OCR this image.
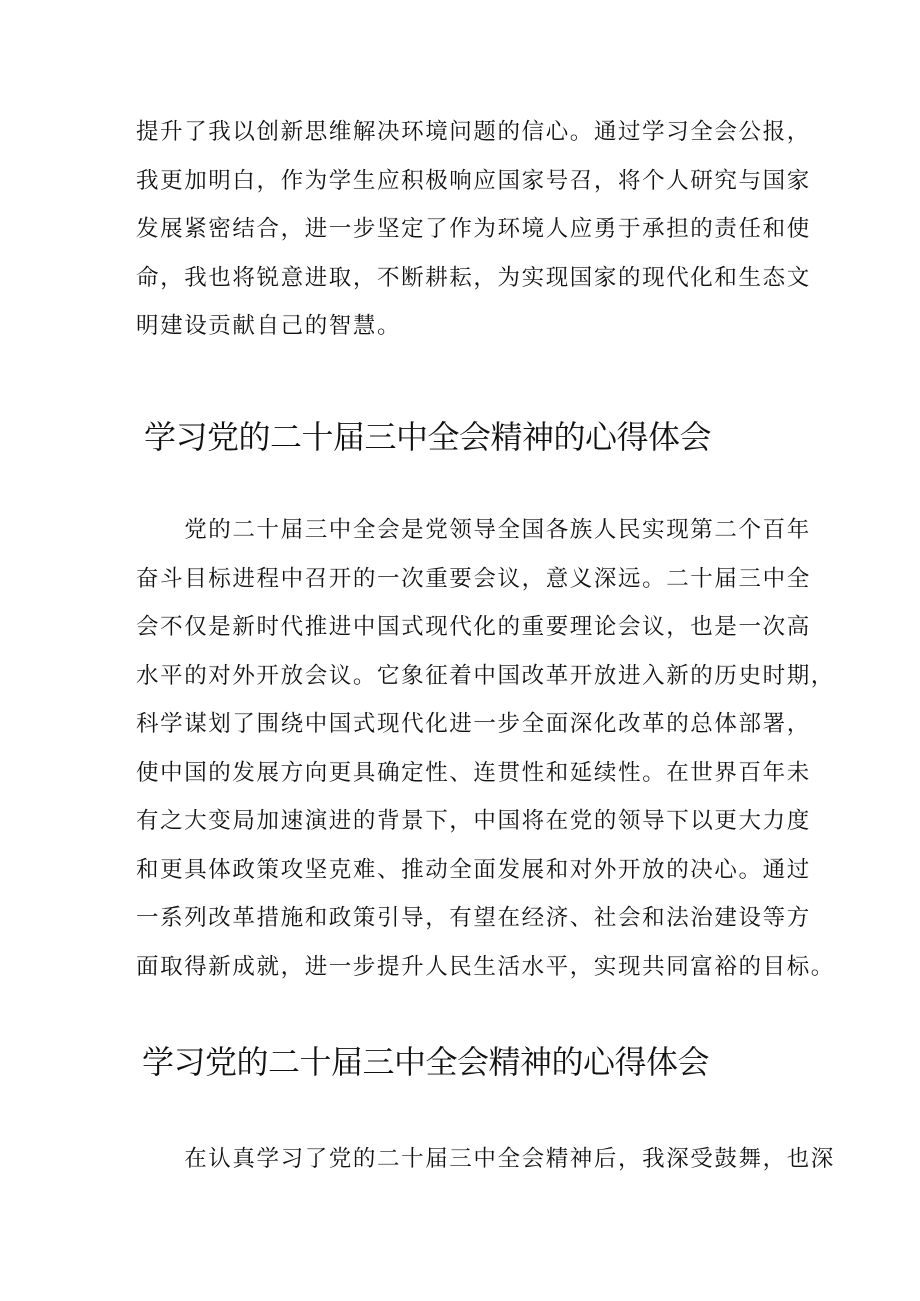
提升了我以创新思维解决环境问题的信心。通过学习全会公报，
我更加明白，作为学生应积极响应国家号召，将个人研究与国家
发展紧密结合，进一步坚定了作为环境人应勇于承担的责任和使
命，我也将锐意进取，不断耕耘，为实现国家的现代化和生态文
明建设贡献自己的智慧。
学习党的二十届三中全会精神的心得体会
　　党的二十届三中全会是党领导全国各族人民实现第二个百年
奋斗目标进程中召开的一次重要会议，意义深远。二十届三中全
会不仅是新时代推进中国式现代化的重要理论会议，也是一次高
水平的对外开放会议。它象征着中国改革开放进入新的历史时期，
科学谋划了围绕中国式现代化进一步全面深化改革的总体部署，
使中国的发展方向更具确定性、连贯性和延续性。在世界百年未
有之大变局加速演进的背景下，中国将在党的领导下以更大力度
和更具体政策攻坚克难、推动全面发展和对外开放的决心。通过
一系列改革措施和政策引导，有望在经济、社会和法治建设等方
面取得新成就，进一步提升人民生活水平，实现共同富裕的目标。
学习党的二十届三中全会精神的心得体会
　　在认真学习了党的二十届三中全会精神后，我深受鼓舞，也深
